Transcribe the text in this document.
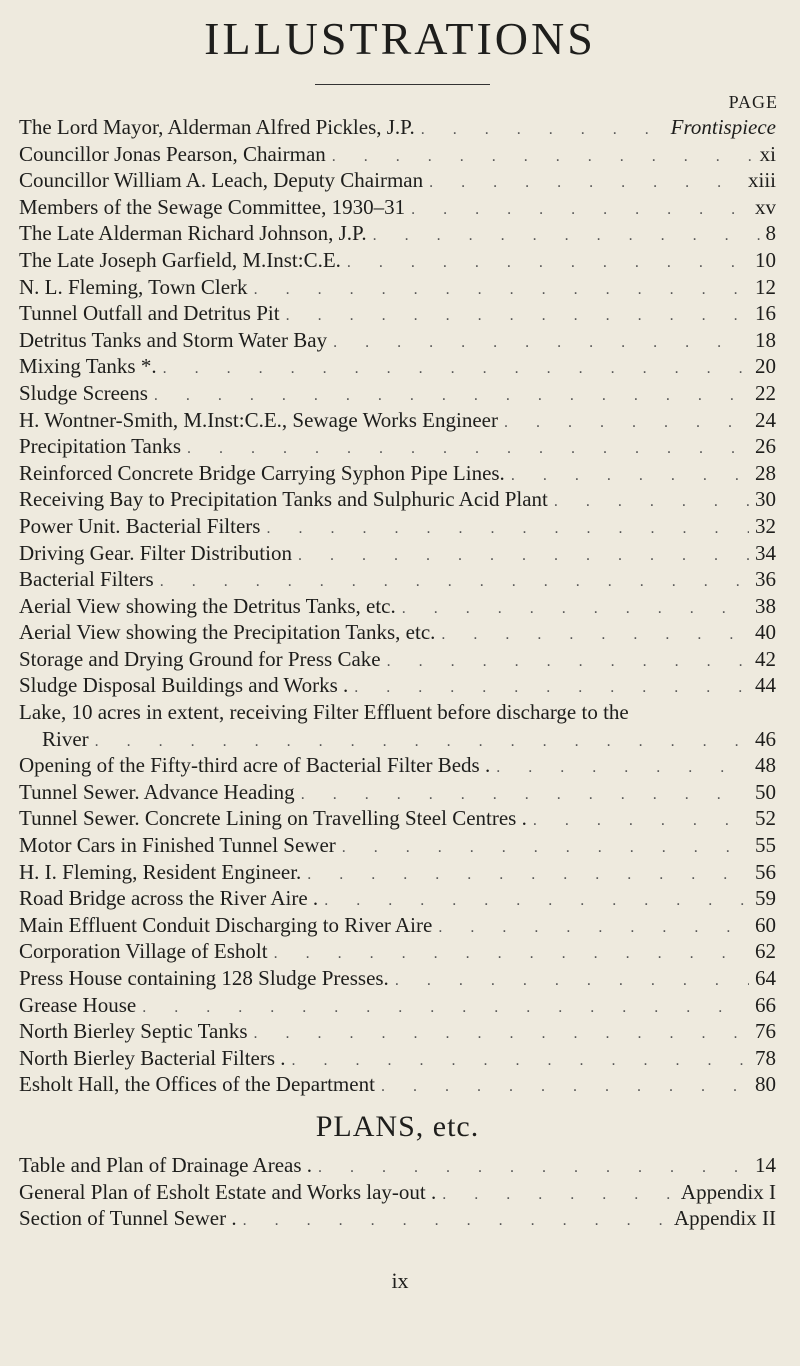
ILLUSTRATIONS
PAGE
The Lord Mayor, Alderman Alfred Pickles, J.P. . . .	Frontispiece
Councillor Jonas Pearson, Chairman . . .	xi
Councillor William A. Leach, Deputy Chairman . . .	xiii
Members of the Sewage Committee, 1930–31 . . .	xv
The Late Alderman Richard Johnson, J.P. . . .	8
The Late Joseph Garfield, M.Inst:C.E. . . .	10
N. L. Fleming, Town Clerk . . .	12
Tunnel Outfall and Detritus Pit . . .	16
Detritus Tanks and Storm Water Bay . . .	18
Mixing Tanks *. . . .	20
Sludge Screens . . .	22
H. Wontner-Smith, M.Inst:C.E., Sewage Works Engineer . . .	24
Precipitation Tanks . . .	26
Reinforced Concrete Bridge Carrying Syphon Pipe Lines. . . .	28
Receiving Bay to Precipitation Tanks and Sulphuric Acid Plant . . .	30
Power Unit. Bacterial Filters . . .	32
Driving Gear. Filter Distribution . . .	34
Bacterial Filters . . .	36
Aerial View showing the Detritus Tanks, etc. . . .	38
Aerial View showing the Precipitation Tanks, etc. . . .	40
Storage and Drying Ground for Press Cake . . .	42
Sludge Disposal Buildings and Works . . . .	44
Lake, 10 acres in extent, receiving Filter Effluent before discharge to the
River . . .	46
Opening of the Fifty-third acre of Bacterial Filter Beds . . . .	48
Tunnel Sewer. Advance Heading . . .	50
Tunnel Sewer. Concrete Lining on Travelling Steel Centres . . . .	52
Motor Cars in Finished Tunnel Sewer . . .	55
H. I. Fleming, Resident Engineer. . . .	56
Road Bridge across the River Aire . . . .	59
Main Effluent Conduit Discharging to River Aire . . .	60
Corporation Village of Esholt . . .	62
Press House containing 128 Sludge Presses. . . .	64
Grease House . . .	66
North Bierley Septic Tanks . . .	76
North Bierley Bacterial Filters . . . .	78
Esholt Hall, the Offices of the Department . . .	80
PLANS, etc.
Table and Plan of Drainage Areas . . . .	14
General Plan of Esholt Estate and Works lay-out . . . .	Appendix I
Section of Tunnel Sewer . . . .	Appendix II
ix
